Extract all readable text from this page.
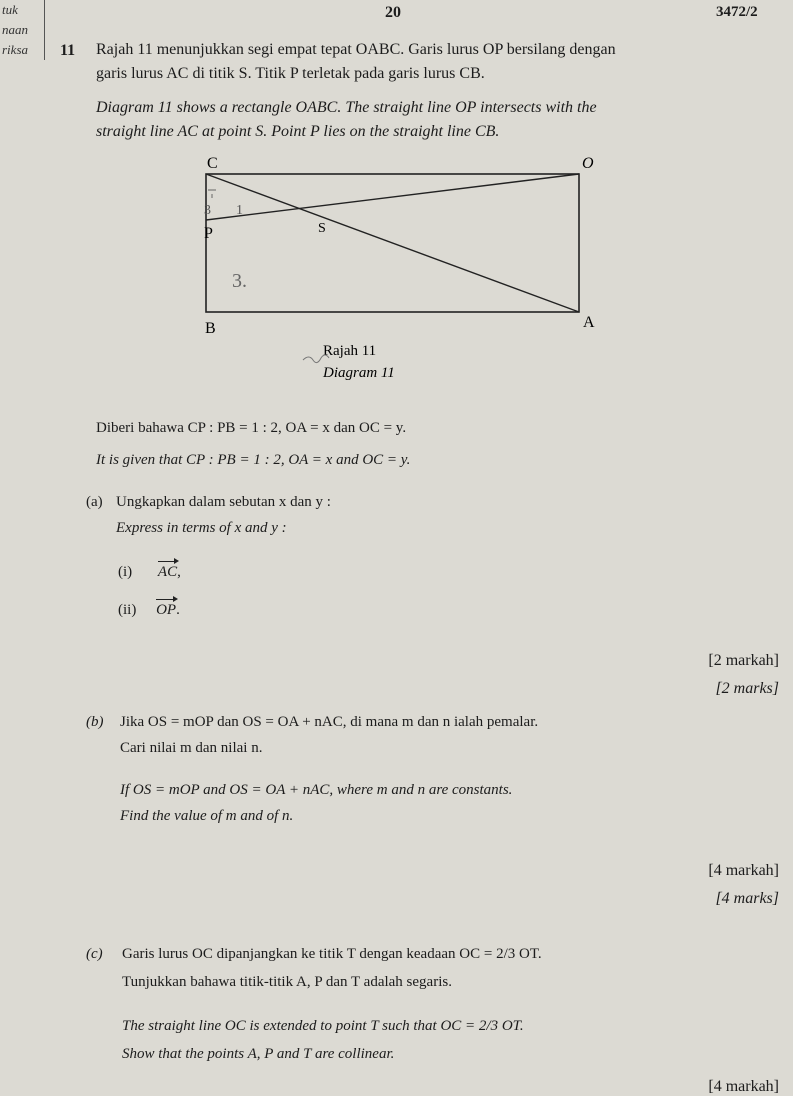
tuk
naan
riksa
20	3472/2
11 Rajah 11 menunjukkan segi empat tepat OABC. Garis lurus OP bersilang dengan
garis lurus AC di titik S. Titik P terletak pada garis lurus CB.
Diagram 11 shows a rectangle OABC. The straight line OP intersects with the
straight line AC at point S. Point P lies on the straight line CB.
C	O
P	S
B	A
3 1
3.
Rajah 11
Diagram 11
Diberi bahawa CP : PB = 1 : 2, OA = x dan OC = y.
It is given that CP : PB = 1 : 2, OA = x and OC = y.
(a) Ungkapkan dalam sebutan x dan y :
Express in terms of x and y :
(i) AC,
(ii) OP.
[2 markah]
[2 marks]
(b) Jika OS = mOP dan OS = OA + nAC, di mana m dan n ialah pemalar.
Cari nilai m dan nilai n.
If OS = mOP and OS = OA + nAC, where m and n are constants.
Find the value of m and of n.
[4 markah]
[4 marks]
(c) Garis lurus OC dipanjangkan ke titik T dengan keadaan OC = 2/3 OT.
Tunjukkan bahawa titik-titik A, P dan T adalah segaris.
The straight line OC is extended to point T such that OC = 2/3 OT.
Show that the points A, P and T are collinear.
[4 markah]
